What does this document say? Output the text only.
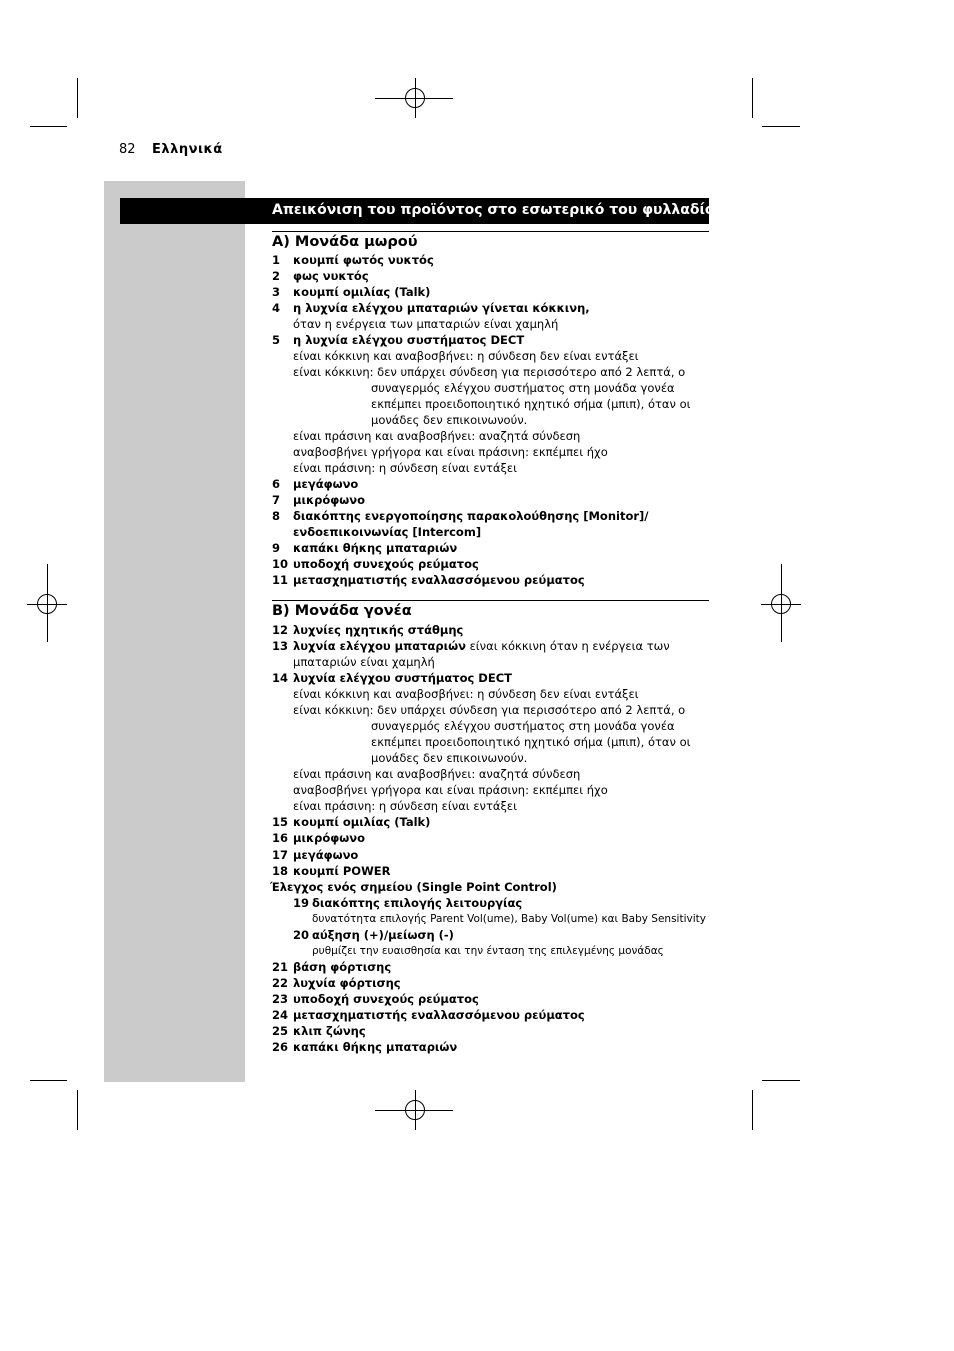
82 Ελληνικά
Απεικόνιση του προϊόντος στο εσωτερικό του φυλλαδίου
A) Μονάδα μωρού
1 κουμπί φωτός νυκτός
2 φως νυκτός
3 κουμπί ομιλίας (Talk)
4 η λυχνία ελέγχου μπαταριών γίνεται κόκκινη,
όταν η ενέργεια των μπαταριών είναι χαμηλή
5 η λυχνία ελέγχου συστήματος DECT
είναι κόκκινη και αναβοσβήνει: η σύνδεση δεν είναι εντάξει
είναι κόκκινη: δεν υπάρχει σύνδεση για περισσότερο από 2 λεπτά, ο
συναγερμός ελέγχου συστήματος στη μονάδα γονέα
εκπέμπει προειδοποιητικό ηχητικό σήμα (μπιπ), όταν οι
μονάδες δεν επικοινωνούν.
είναι πράσινη και αναβοσβήνει: αναζητά σύνδεση
αναβοσβήνει γρήγορα και είναι πράσινη: εκπέμπει ήχο
είναι πράσινη: η σύνδεση είναι εντάξει
6 μεγάφωνο
7 μικρόφωνο
8 διακόπτης ενεργοποίησης παρακολούθησης [Monitor]/
ενδοεπικοινωνίας [Intercom]
9 καπάκι θήκης μπαταριών
10 υποδοχή συνεχούς ρεύματος
11 μετασχηματιστής εναλλασσόμενου ρεύματος
B) Μονάδα γονέα
12 λυχνίες ηχητικής στάθμης
13 λυχνία ελέγχου μπαταριών είναι κόκκινη όταν η ενέργεια των
μπαταριών είναι χαμηλή
14 λυχνία ελέγχου συστήματος DECT
είναι κόκκινη και αναβοσβήνει: η σύνδεση δεν είναι εντάξει
είναι κόκκινη: δεν υπάρχει σύνδεση για περισσότερο από 2 λεπτά, ο
συναγερμός ελέγχου συστήματος στη μονάδα γονέα
εκπέμπει προειδοποιητικό ηχητικό σήμα (μπιπ), όταν οι
μονάδες δεν επικοινωνούν.
είναι πράσινη και αναβοσβήνει: αναζητά σύνδεση
αναβοσβήνει γρήγορα και είναι πράσινη: εκπέμπει ήχο
είναι πράσινη: η σύνδεση είναι εντάξει
15 κουμπί ομιλίας (Talk)
16 μικρόφωνο
17 μεγάφωνο
18 κουμπί POWER
Έλεγχος ενός σημείου (Single Point Control)
19 διακόπτης επιλογής λειτουργίας
δυνατότητα επιλογής Parent Vol(ume), Baby Vol(ume) και Baby Sensitivity
20 αύξηση (+)/μείωση (-)
ρυθμίζει την ευαισθησία και την ένταση της επιλεγμένης μονάδας
21 βάση φόρτισης
22 λυχνία φόρτισης
23 υποδοχή συνεχούς ρεύματος
24 μετασχηματιστής εναλλασσόμενου ρεύματος
25 κλιπ ζώνης
26 καπάκι θήκης μπαταριών
